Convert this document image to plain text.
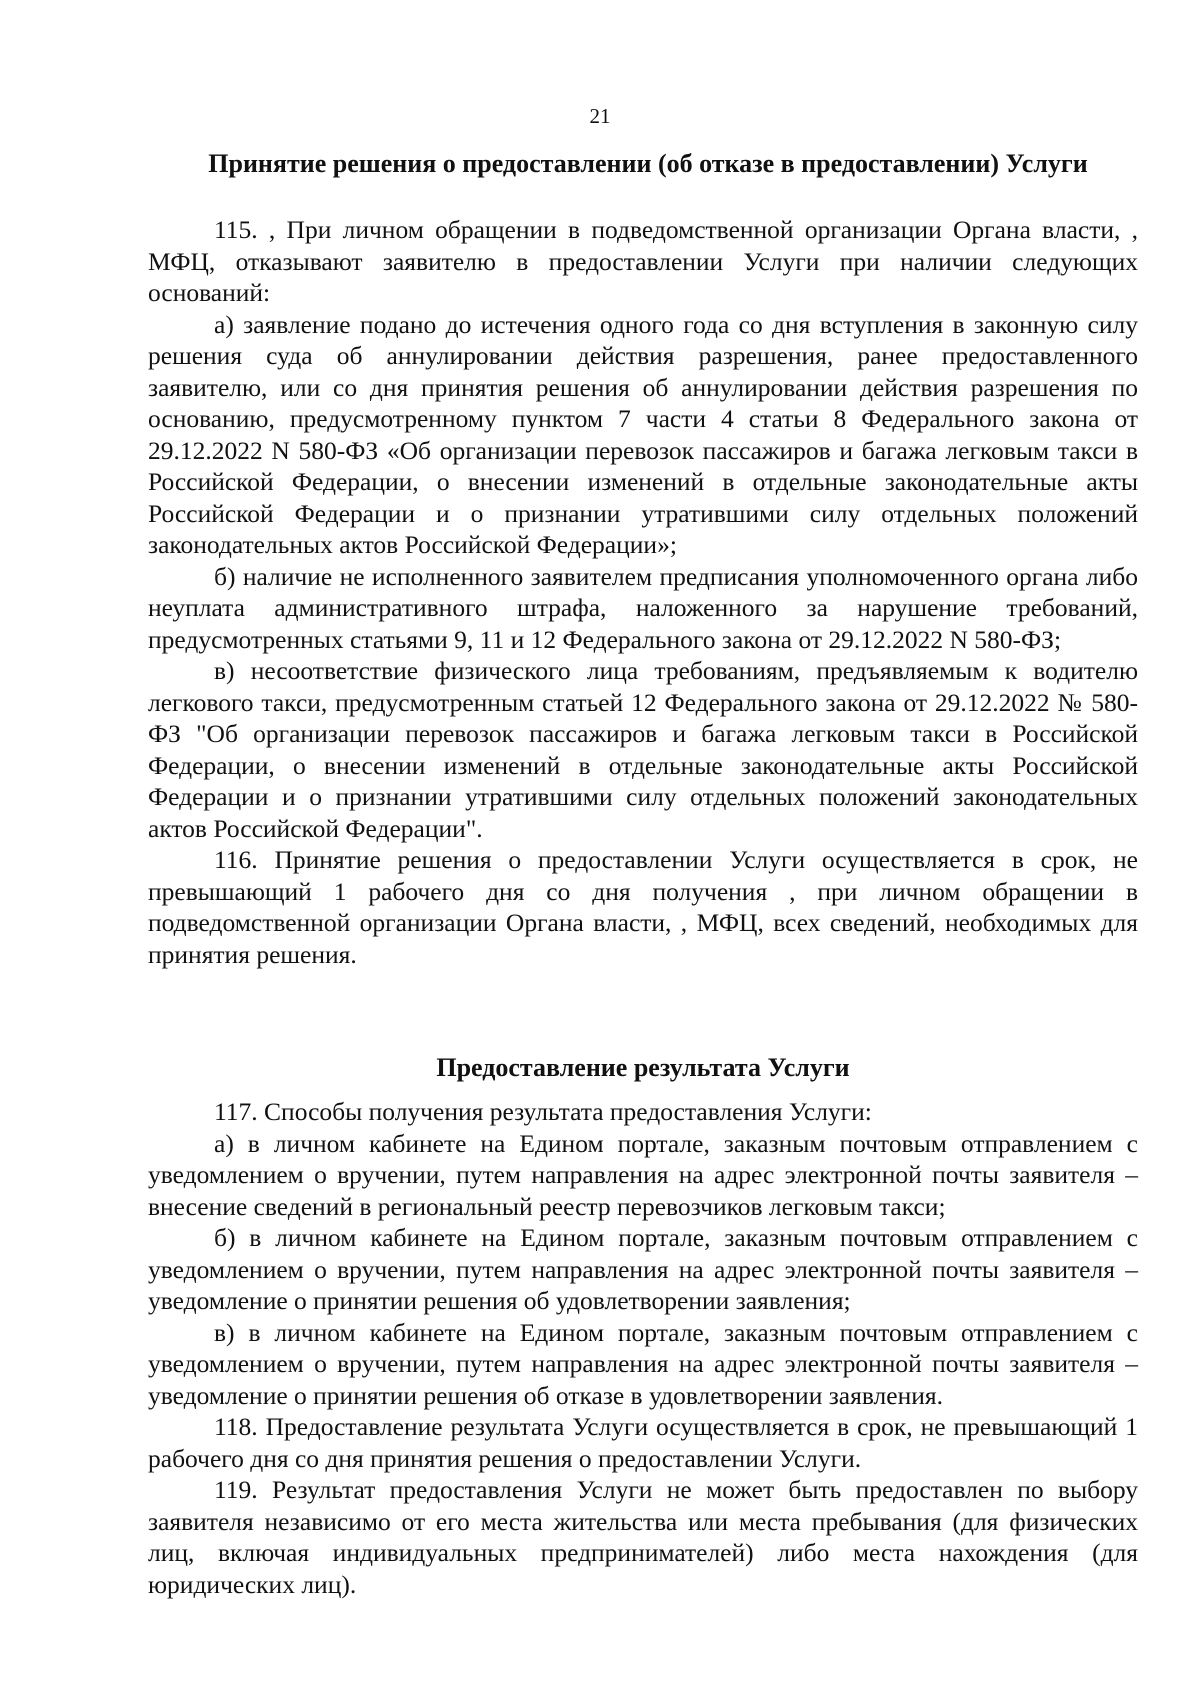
21
Принятие решения о предоставлении (об отказе в предоставлении) Услуги

115. , При личном обращении в подведомственной организации Органа власти, , МФЦ, отказывают заявителю в предоставлении Услуги при наличии следующих оснований:

а) заявление подано до истечения одного года со дня вступления в законную силу решения суда об аннулировании действия разрешения, ранее предоставленного заявителю, или со дня принятия решения об аннулировании действия разрешения по основанию, предусмотренному пунктом 7 части 4 статьи 8 Федерального закона от 29.12.2022 N 580-ФЗ «Об организации перевозок пассажиров и багажа легковым такси в Российской Федерации, о внесении изменений в отдельные законодательные акты Российской Федерации и о признании утратившими силу отдельных положений законодательных актов Российской Федерации»;

б) наличие не исполненного заявителем предписания уполномоченного органа либо неуплата административного штрафа, наложенного за нарушение требований, предусмотренных статьями 9, 11 и 12 Федерального закона от 29.12.2022 N 580-ФЗ;

в) несоответствие физического лица требованиям, предъявляемым к водителю легкового такси, предусмотренным статьей 12 Федерального закона от 29.12.2022 № 580-ФЗ "Об организации перевозок пассажиров и багажа легковым такси в Российской Федерации, о внесении изменений в отдельные законодательные акты Российской Федерации и о признании утратившими силу отдельных положений законодательных актов Российской Федерации".

116. Принятие решения о предоставлении Услуги осуществляется в срок, не превышающий 1 рабочего дня со дня получения , при личном обращении в подведомственной организации Органа власти, , МФЦ, всех сведений, необходимых для принятия решения.

Предоставление результата Услуги

117. Способы получения результата предоставления Услуги:

а) в личном кабинете на Едином портале, заказным почтовым отправлением с уведомлением о вручении, путем направления на адрес электронной почты заявителя – внесение сведений в региональный реестр перевозчиков легковым такси;

б) в личном кабинете на Едином портале, заказным почтовым отправлением с уведомлением о вручении, путем направления на адрес электронной почты заявителя – уведомление о принятии решения об удовлетворении заявления;

в) в личном кабинете на Едином портале, заказным почтовым отправлением с уведомлением о вручении, путем направления на адрес электронной почты заявителя – уведомление о принятии решения об отказе в удовлетворении заявления.

118. Предоставление результата Услуги осуществляется в срок, не превышающий 1 рабочего дня со дня принятия решения о предоставлении Услуги.

119. Результат предоставления Услуги не может быть предоставлен по выбору заявителя независимо от его места жительства или места пребывания (для физических лиц, включая индивидуальных предпринимателей) либо места нахождения (для юридических лиц).
